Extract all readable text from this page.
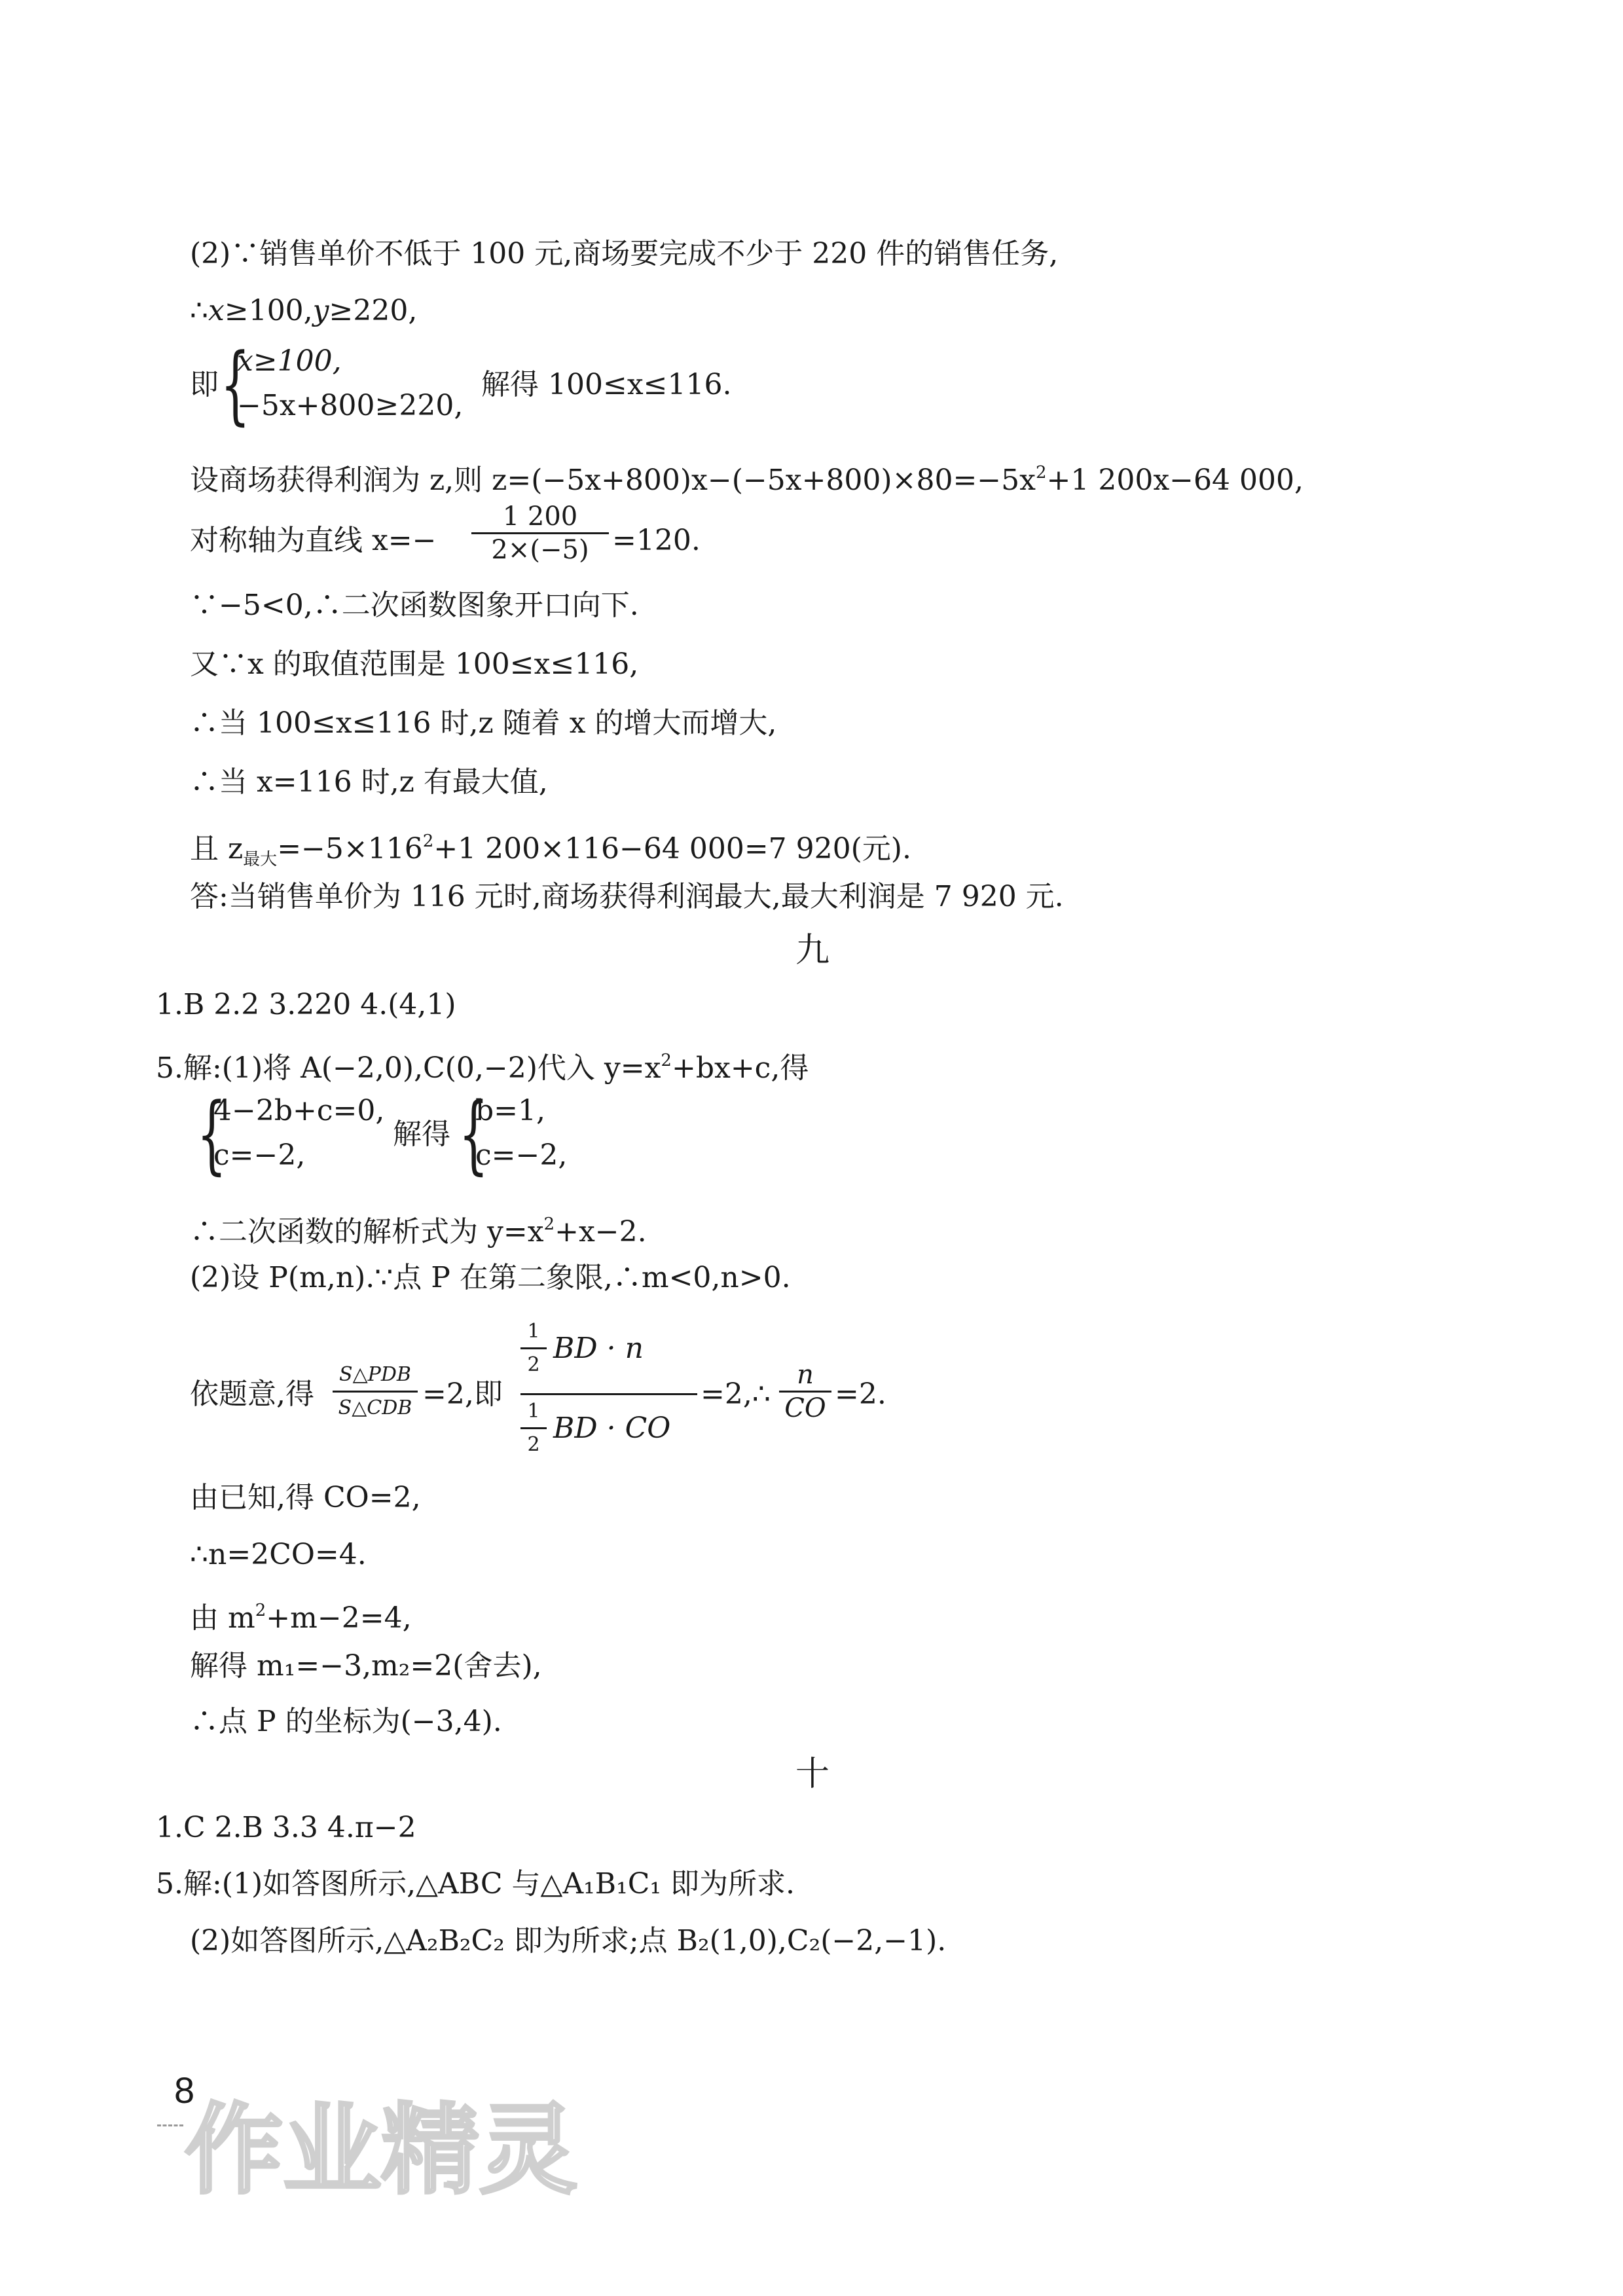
(2)∵销售单价不低于 100 元,商场要完成不少于 220 件的销售任务,
∴x≥100,y≥220,
即 {
x≥100,
−5x+800≥220,
解得 100≤x≤116.
设商场获得利润为 z,则 $z=(-5x+800)x-(-5x+800)\times 80=-5x^2+1$ 200x−64 000,
对称轴为直线 $x=- \frac{1 200}{2\times(-5)} =120$.
∵−5<0,∴二次函数图象开口向下.
又∵x 的取值范围是 100≤x≤116,
∴当 100≤x≤116 时,z 随着 x 的增大而增大,
∴当 x=116 时,z 有最大值,
且 $z_{最大}=-5\times 116^2+1$ 200×116−64 000=7 920(元).
答:当销售单价为 116 元时,商场获得利润最大,最大利润是 7 920 元.
九
1.B 2.2 3.220 4.(4,1)
5.解:(1)将 A(−2,0),C(0,−2)代入 $y=x^2+bx+c$,得
{
4−2b+c=0,
c=−2,
解得 {
b=1,
c=−2,
∴二次函数的解析式为 $y=x^2+x-2$.
(2)设 P(m,n).∵点 P 在第二象限,∴m<0,n>0.
依题意,得
S△PDB
S△CDB =2,即
$\frac{1}{2}$ BD · n
$\frac{1}{2}$ BD · CO
=2,∴ $\frac{n}{CO} =2$.
由已知,得 CO=2,
∴n=2CO=4.
由 $m^2+m-2=4$,
解得 m₁=−3,m₂=2(舍去),
∴点 P 的坐标为(−3,4).
十
1.C 2.B 3.3 4.π−2
5.解:(1)如答图所示,△ABC 与△A₁B₁C₁ 即为所求.
(2)如答图所示,△A₂B₂C₂ 即为所求;点 B₂(1,0),C₂(−2,−1).
8
作业精灵
